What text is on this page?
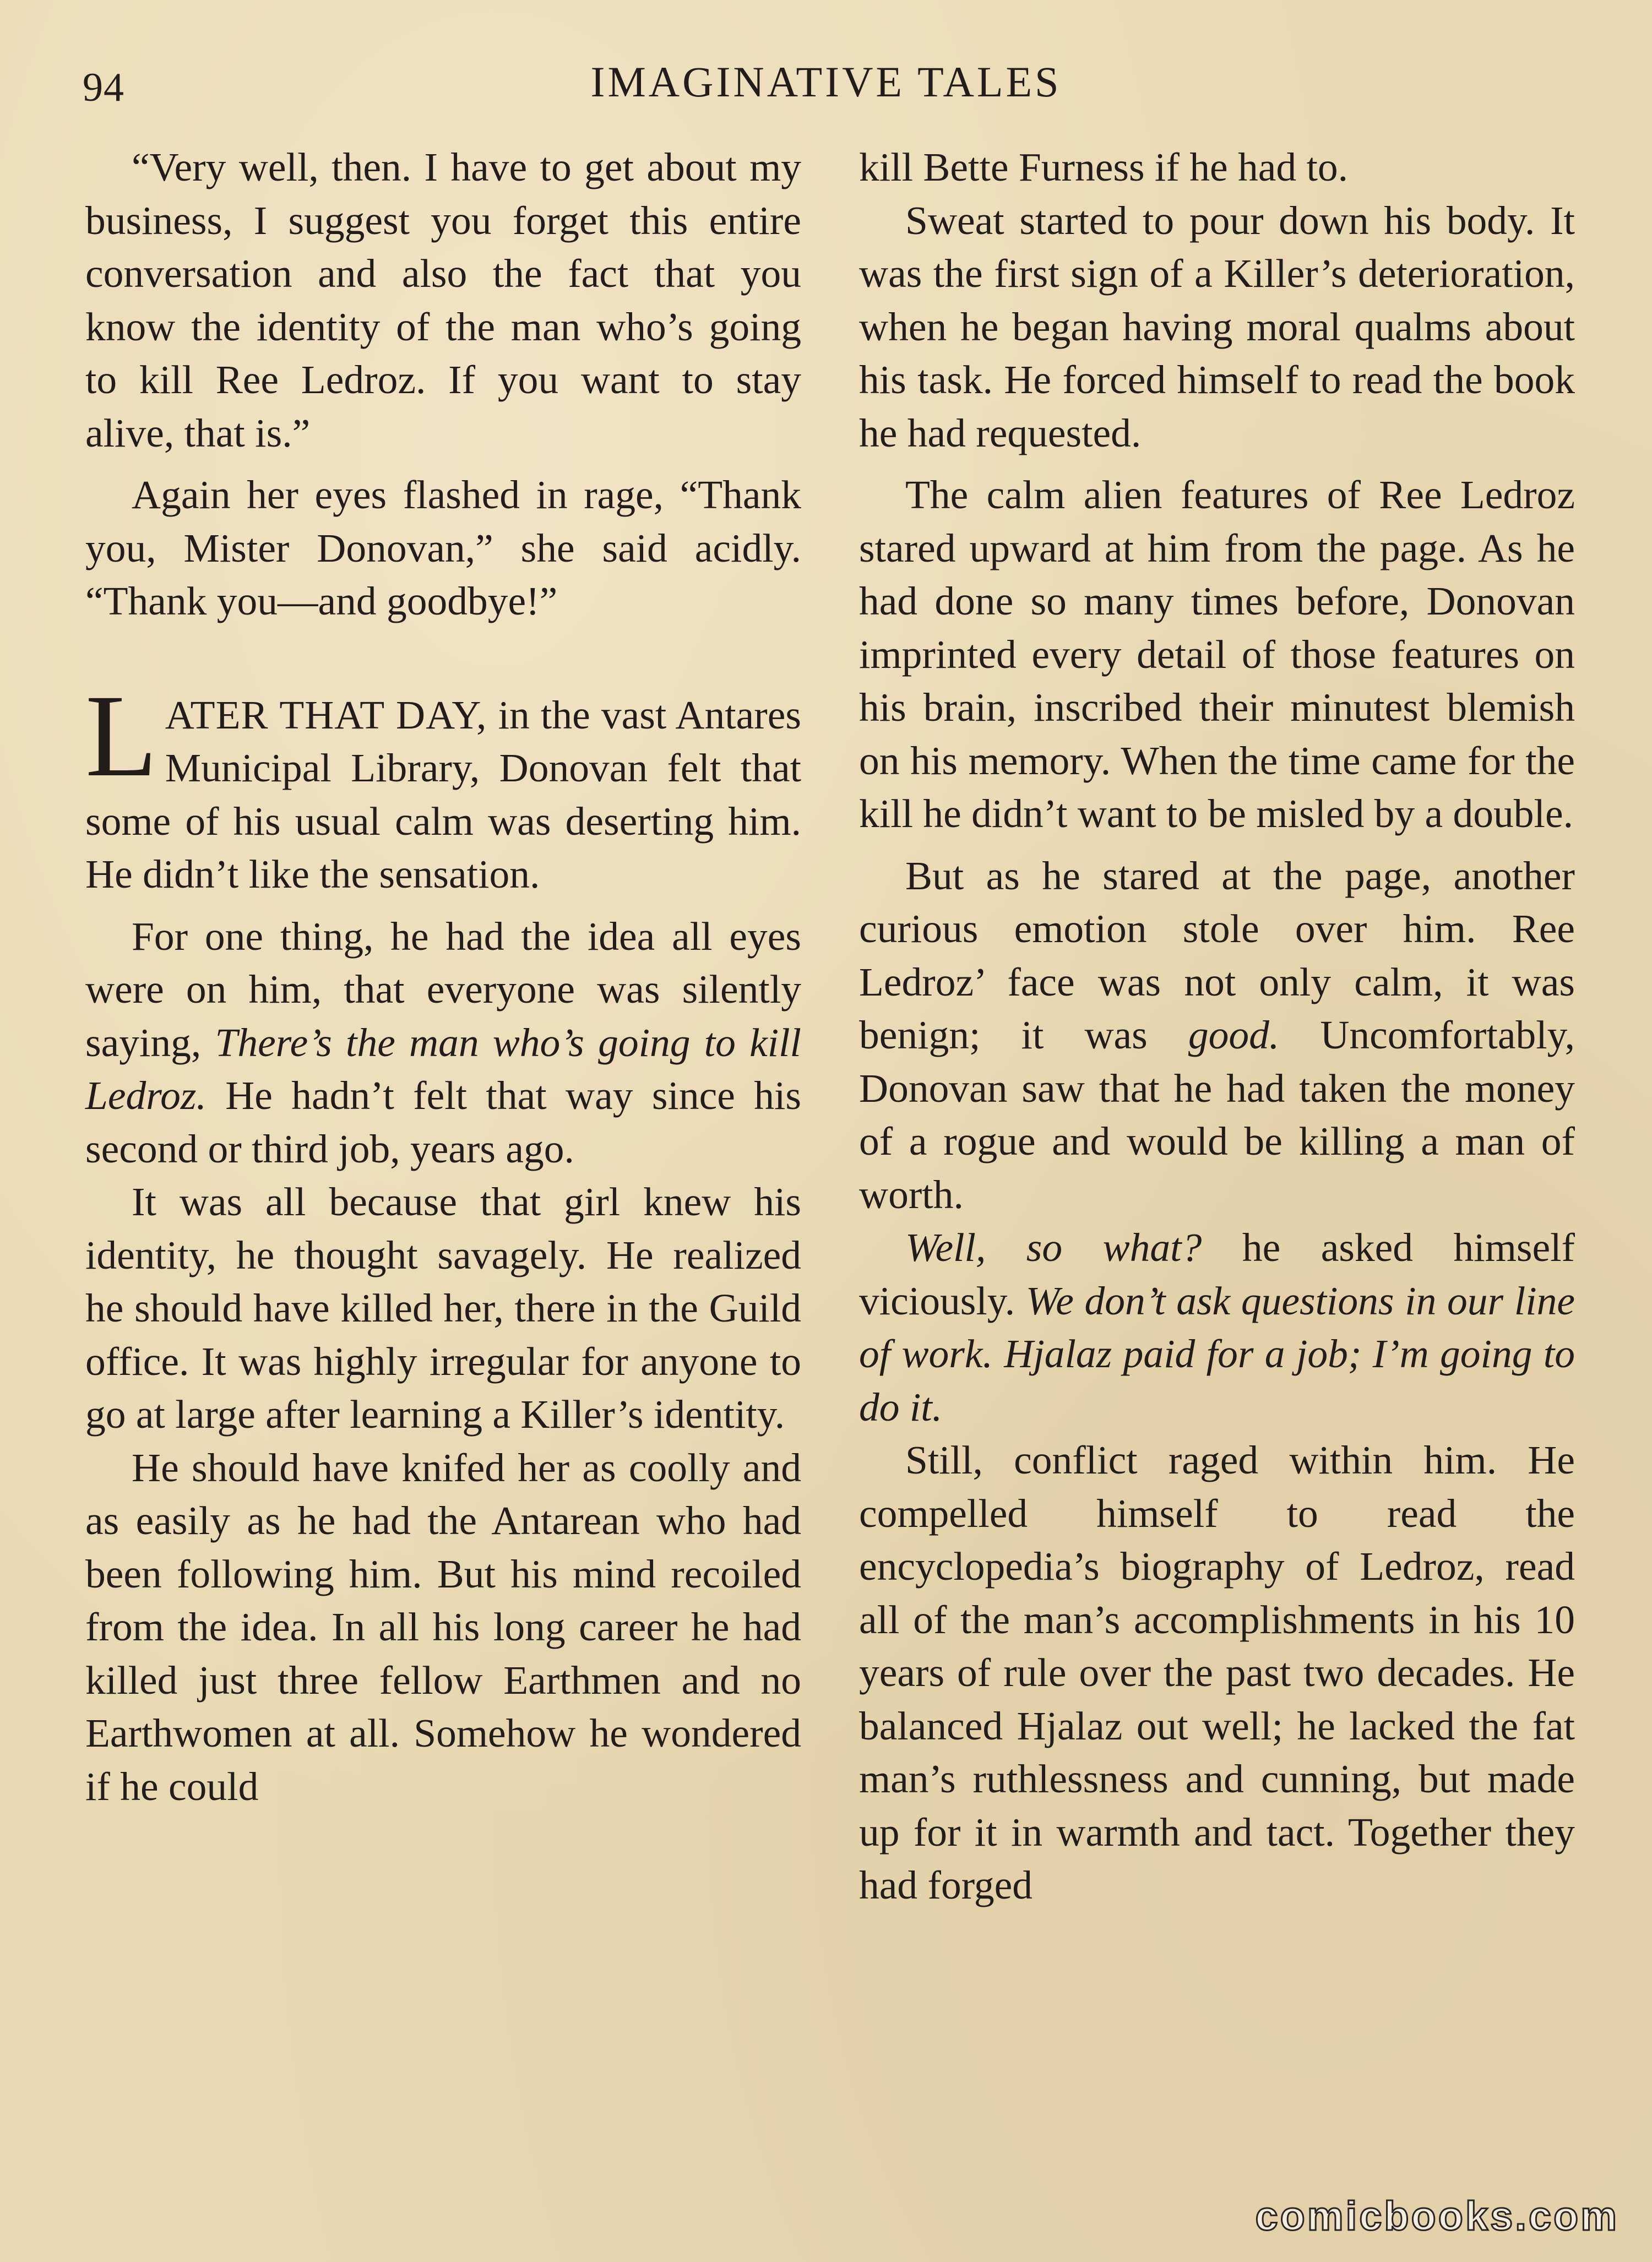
94	IMAGINATIVE TALES

“Very well, then. I have to get about my business, I suggest you forget this entire conversation and also the fact that you know the identity of the man who’s going to kill Ree Ledroz. If you want to stay alive, that is.”

Again her eyes flashed in rage, “Thank you, Mister Donovan,” she said acidly. “Thank you—and goodbye!”

LATER THAT DAY, in the vast Antares Municipal Library, Donovan felt that some of his usual calm was deserting him. He didn’t like the sensation.

For one thing, he had the idea all eyes were on him, that everyone was silently saying, There’s the man who’s going to kill Ledroz. He hadn’t felt that way since his second or third job, years ago.

It was all because that girl knew his identity, he thought savagely. He realized he should have killed her, there in the Guild office. It was highly irregular for anyone to go at large after learning a Killer’s identity.

He should have knifed her as coolly and as easily as he had the Antarean who had been following him. But his mind recoiled from the idea. In all his long career he had killed just three fellow Earthmen and no Earthwomen at all. Somehow he wondered if he could

kill Bette Furness if he had to.

Sweat started to pour down his body. It was the first sign of a Killer’s deterioration, when he began having moral qualms about his task. He forced himself to read the book he had requested.

The calm alien features of Ree Ledroz stared upward at him from the page. As he had done so many times before, Donovan imprinted every detail of those features on his brain, inscribed their minutest blemish on his memory. When the time came for the kill he didn’t want to be misled by a double.

But as he stared at the page, another curious emotion stole over him. Ree Ledroz’ face was not only calm, it was benign; it was good. Uncomfortably, Donovan saw that he had taken the money of a rogue and would be killing a man of worth.

Well, so what? he asked himself viciously. We don’t ask questions in our line of work. Hjalaz paid for a job; I’m going to do it.

Still, conflict raged within him. He compelled himself to read the encyclopedia’s biography of Ledroz, read all of the man’s accomplishments in his 10 years of rule over the past two decades. He balanced Hjalaz out well; he lacked the fat man’s ruthlessness and cunning, but made up for it in warmth and tact. Together they had forged

comicbooks.com
